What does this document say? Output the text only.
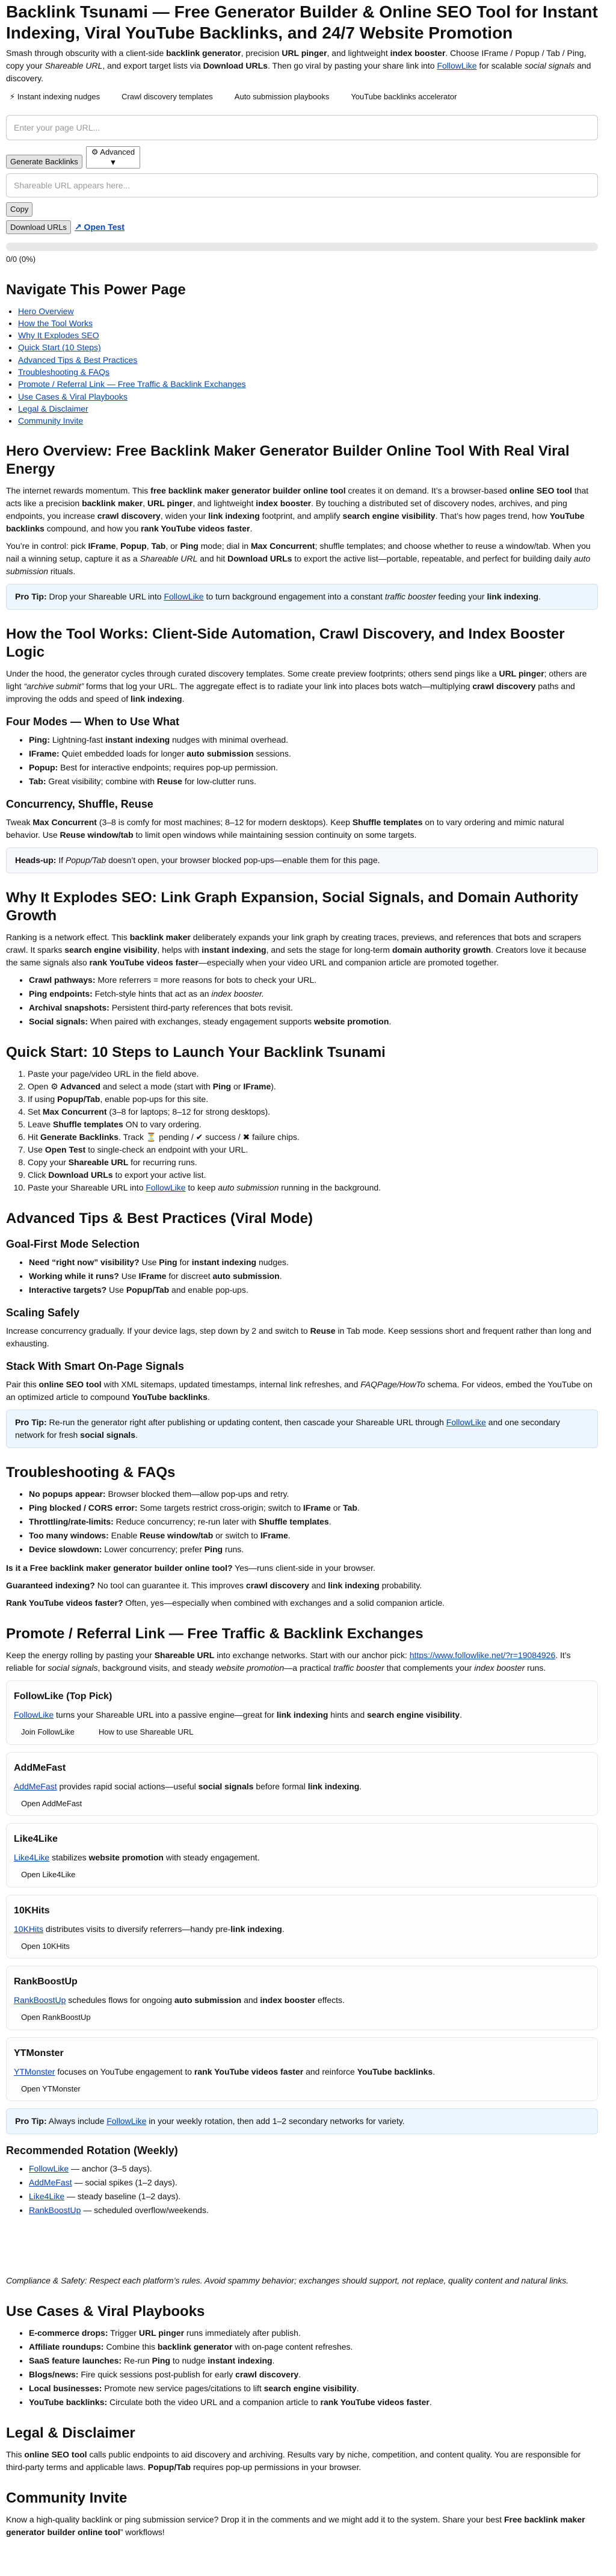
Backlink Tsunami — Free Generator Builder & Online SEO Tool for Instant Indexing, Viral YouTube Backlinks, and 24/7 Website Promotion

Smash through obscurity with a client-side backlink generator, precision URL pinger, and lightweight index booster. Choose IFrame / Popup / Tab / Ping, copy your Shareable URL, and export target lists via Download URLs. Then go viral by pasting your share link into FollowLike for scalable social signals and discovery.

⚡ Instant indexing nudges	Crawl discovery templates	Auto submission playbooks	YouTube backlinks accelerator
Enter your page URL...
Generate Backlinks
⚙ Advanced
▼
Shareable URL appears here...
Copy
Download URLs ↗ Open Test
0/0 (0%)
Navigate This Power Page
• Hero Overview
• How the Tool Works
• Why It Explodes SEO
• Quick Start (10 Steps)
• Advanced Tips & Best Practices
• Troubleshooting & FAQs
• Promote / Referral Link — Free Traffic & Backlink Exchanges
• Use Cases & Viral Playbooks
• Legal & Disclaimer
• Community Invite
Hero Overview: Free Backlink Maker Generator Builder Online Tool With Real Viral Energy

The internet rewards momentum. This free backlink maker generator builder online tool creates it on demand. It’s a browser-based online SEO tool that acts like a precision backlink maker, URL pinger, and lightweight index booster. By touching a distributed set of discovery nodes, archives, and ping endpoints, you increase crawl discovery, widen your link indexing footprint, and amplify search engine visibility. That’s how pages trend, how YouTube backlinks compound, and how you rank YouTube videos faster.

You’re in control: pick IFrame, Popup, Tab, or Ping mode; dial in Max Concurrent; shuffle templates; and choose whether to reuse a window/tab. When you nail a winning setup, capture it as a Shareable URL and hit Download URLs to export the active list—portable, repeatable, and perfect for building daily auto submission rituals.

Pro Tip: Drop your Shareable URL into FollowLike to turn background engagement into a constant traffic booster feeding your link indexing.
How the Tool Works: Client-Side Automation, Crawl Discovery, and Index Booster Logic

Under the hood, the generator cycles through curated discovery templates. Some create preview footprints; others send pings like a URL pinger; others are light “archive submit” forms that log your URL. The aggregate effect is to radiate your link into places bots watch—multiplying crawl discovery paths and improving the odds and speed of link indexing.

Four Modes — When to Use What
• Ping: Lightning-fast instant indexing nudges with minimal overhead.
• IFrame: Quiet embedded loads for longer auto submission sessions.
• Popup: Best for interactive endpoints; requires pop-up permission.
• Tab: Great visibility; combine with Reuse for low-clutter runs.
Concurrency, Shuffle, Reuse

Tweak Max Concurrent (3–8 is comfy for most machines; 8–12 for modern desktops). Keep Shuffle templates on to vary ordering and mimic natural behavior. Use Reuse window/tab to limit open windows while maintaining session continuity on some targets.

Heads-up: If Popup/Tab doesn’t open, your browser blocked pop-ups—enable them for this page.
Why It Explodes SEO: Link Graph Expansion, Social Signals, and Domain Authority Growth

Ranking is a network effect. This backlink maker deliberately expands your link graph by creating traces, previews, and references that bots and scrapers crawl. It sparks search engine visibility, helps with instant indexing, and sets the stage for long-term domain authority growth. Creators love it because the same signals also rank YouTube videos faster—especially when your video URL and companion article are promoted together.

• Crawl pathways: More referrers = more reasons for bots to check your URL.
• Ping endpoints: Fetch-style hints that act as an index booster.
• Archival snapshots: Persistent third-party references that bots revisit.
• Social signals: When paired with exchanges, steady engagement supports website promotion.
Quick Start: 10 Steps to Launch Your Backlink Tsunami
1. Paste your page/video URL in the field above.
2. Open ⚙ Advanced and select a mode (start with Ping or IFrame).
3. If using Popup/Tab, enable pop-ups for this site.
4. Set Max Concurrent (3–8 for laptops; 8–12 for strong desktops).
5. Leave Shuffle templates ON to vary ordering.
6. Hit Generate Backlinks. Track ⏳ pending / ✔ success / ✖ failure chips.
7. Use Open Test to single-check an endpoint with your URL.
8. Copy your Shareable URL for recurring runs.
9. Click Download URLs to export your active list.
10. Paste your Shareable URL into FollowLike to keep auto submission running in the background.
Advanced Tips & Best Practices (Viral Mode)
Goal-First Mode Selection
• Need “right now” visibility? Use Ping for instant indexing nudges.
• Working while it runs? Use IFrame for discreet auto submission.
• Interactive targets? Use Popup/Tab and enable pop-ups.
Scaling Safely

Increase concurrency gradually. If your device lags, step down by 2 and switch to Reuse in Tab mode. Keep sessions short and frequent rather than long and exhausting.

Stack With Smart On-Page Signals

Pair this online SEO tool with XML sitemaps, updated timestamps, internal link refreshes, and FAQPage/HowTo schema. For videos, embed the YouTube on an optimized article to compound YouTube backlinks.

Pro Tip: Re-run the generator right after publishing or updating content, then cascade your Shareable URL through FollowLike and one secondary network for fresh social signals.
Troubleshooting & FAQs
• No popups appear: Browser blocked them—allow pop-ups and retry.
• Ping blocked / CORS error: Some targets restrict cross-origin; switch to IFrame or Tab.
• Throttling/rate-limits: Reduce concurrency; re-run later with Shuffle templates.
• Too many windows: Enable Reuse window/tab or switch to IFrame.
• Device slowdown: Lower concurrency; prefer Ping runs.

Is it a Free backlink maker generator builder online tool? Yes—runs client-side in your browser.

Guaranteed indexing? No tool can guarantee it. This improves crawl discovery and link indexing probability.

Rank YouTube videos faster? Often, yes—especially when combined with exchanges and a solid companion article.

Promote / Referral Link — Free Traffic & Backlink Exchanges

Keep the energy rolling by pasting your Shareable URL into exchange networks. Start with our anchor pick: https://www.followlike.net/?r=19084926. It’s reliable for social signals, background visits, and steady website promotion—a practical traffic booster that complements your index booster runs.

FollowLike (Top Pick)

FollowLike turns your Shareable URL into a passive engine—great for link indexing hints and search engine visibility.

Join FollowLike	How to use Shareable URL
AddMeFast

AddMeFast provides rapid social actions—useful social signals before formal link indexing.

Open AddMeFast
Like4Like

Like4Like stabilizes website promotion with steady engagement.

Open Like4Like
10KHits

10KHits distributes visits to diversify referrers—handy pre-link indexing.

Open 10KHits
RankBoostUp

RankBoostUp schedules flows for ongoing auto submission and index booster effects.

Open RankBoostUp
YTMonster

YTMonster focuses on YouTube engagement to rank YouTube videos faster and reinforce YouTube backlinks.

Open YTMonster
Pro Tip: Always include FollowLike in your weekly rotation, then add 1–2 secondary networks for variety.
Recommended Rotation (Weekly)
• FollowLike — anchor (3–5 days).
• AddMeFast — social spikes (1–2 days).
• Like4Like — steady baseline (1–2 days).
• RankBoostUp — scheduled overflow/weekends.

Compliance & Safety: Respect each platform’s rules. Avoid spammy behavior; exchanges should support, not replace, quality content and natural links.

Use Cases & Viral Playbooks
• E-commerce drops: Trigger URL pinger runs immediately after publish.
• Affiliate roundups: Combine this backlink generator with on-page content refreshes.
• SaaS feature launches: Re-run Ping to nudge instant indexing.
• Blogs/news: Fire quick sessions post-publish for early crawl discovery.
• Local businesses: Promote new service pages/citations to lift search engine visibility.
• YouTube backlinks: Circulate both the video URL and a companion article to rank YouTube videos faster.
Legal & Disclaimer

This online SEO tool calls public endpoints to aid discovery and archiving. Results vary by niche, competition, and content quality. You are responsible for third-party terms and applicable laws. Popup/Tab requires pop-up permissions in your browser.

Community Invite

Know a high-quality backlink or ping submission service? Drop it in the comments and we might add it to the system. Share your best Free backlink maker generator builder online tool” workflows!
